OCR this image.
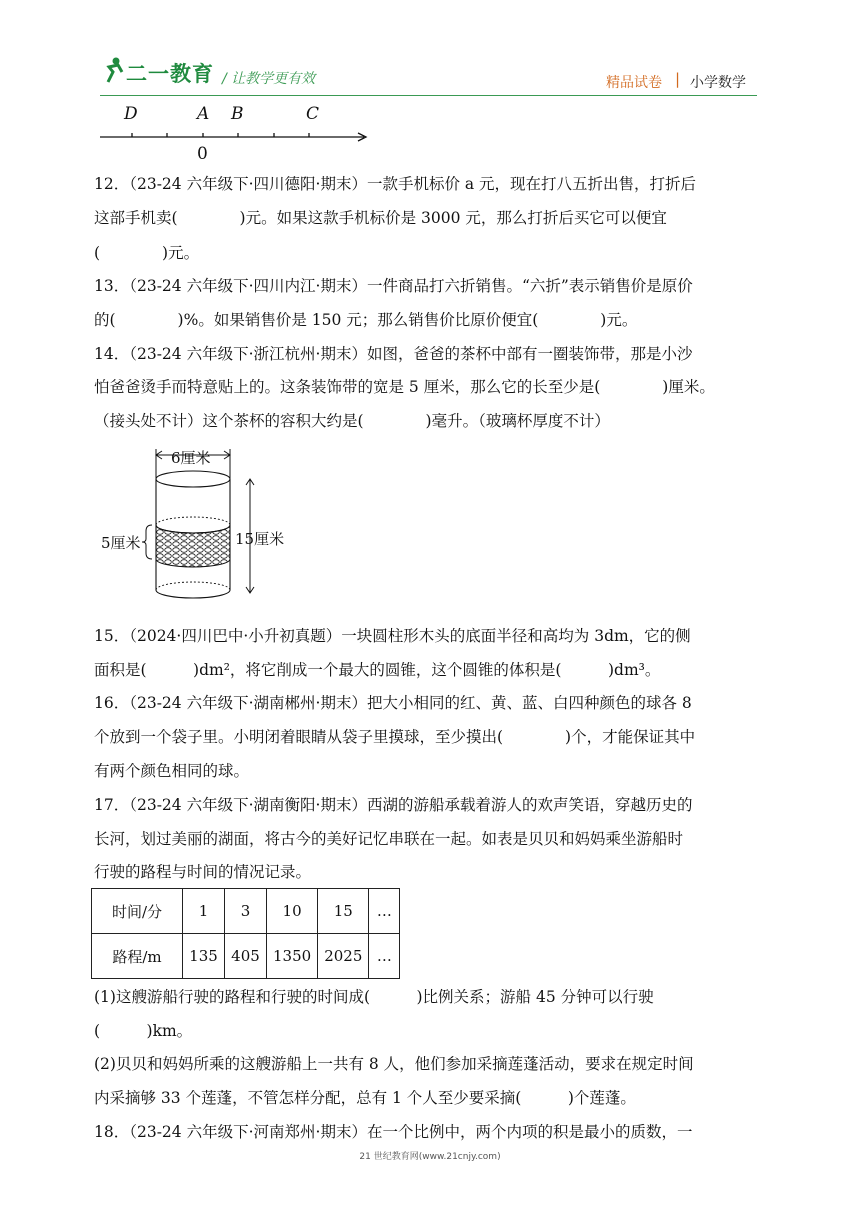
二一教育 / 让教学更有效	精品试卷 | 小学数学
D	A B	C
0
12．（23-24 六年级下·四川德阳·期末）一款手机标价 a 元，现在打八五折出售，打折后
这部手机卖(　　　　)元。如果这款手机标价是 3000 元，那么打折后买它可以便宜
(　　　　)元。
13．（23-24 六年级下·四川内江·期末）一件商品打六折销售。“六折”表示销售价是原价
的(　　　　)%。如果销售价是 150 元；那么销售价比原价便宜(　　　　)元。
14．（23-24 六年级下·浙江杭州·期末）如图，爸爸的茶杯中部有一圈装饰带，那是小沙
怕爸爸烫手而特意贴上的。这条装饰带的宽是 5 厘米，那么它的长至少是(　　　　)厘米。
（接头处不计）这个茶杯的容积大约是(　　　　)毫升。（玻璃杯厚度不计）
6厘米
5厘米	15厘米
15．（2024·四川巴中·小升初真题）一块圆柱形木头的底面半径和高均为 3dm，它的侧
面积是(　　　)dm²，将它削成一个最大的圆锥，这个圆锥的体积是(　　　)dm³。
16．（23-24 六年级下·湖南郴州·期末）把大小相同的红、黄、蓝、白四种颜色的球各 8
个放到一个袋子里。小明闭着眼睛从袋子里摸球，至少摸出(　　　　)个，才能保证其中
有两个颜色相同的球。
17．（23-24 六年级下·湖南衡阳·期末）西湖的游船承载着游人的欢声笑语，穿越历史的
长河，划过美丽的湖面，将古今的美好记忆串联在一起。如表是贝贝和妈妈乘坐游船时
行驶的路程与时间的情况记录。
时间/分	1	3	10	15	…
路程/m	135	405	1350	2025	…
(1)这艘游船行驶的路程和行驶的时间成(　　　)比例关系；游船 45 分钟可以行驶
(　　　)km。
(2)贝贝和妈妈所乘的这艘游船上一共有 8 人，他们参加采摘莲蓬活动，要求在规定时间
内采摘够 33 个莲蓬，不管怎样分配，总有 1 个人至少要采摘(　　　)个莲蓬。
18．（23-24 六年级下·河南郑州·期末）在一个比例中，两个内项的积是最小的质数，一
21 世纪教育网(www.21cnjy.com)
